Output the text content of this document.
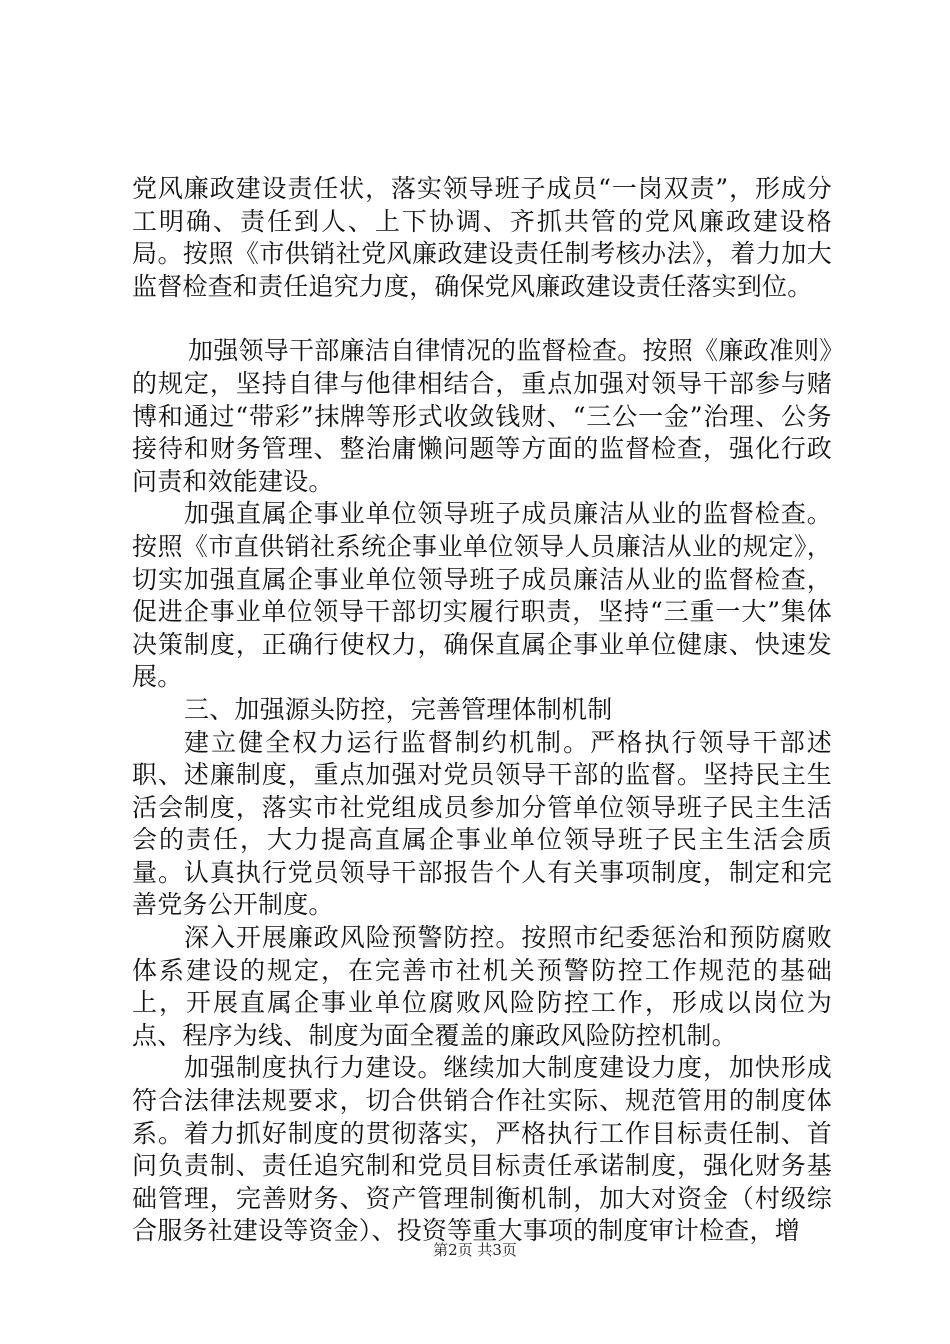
党风廉政建设责任状，落实领导班子成员“一岗双责”，形成分工明确、责任到人、上下协调、齐抓共管的党风廉政建设格局。按照《市供销社党风廉政建设责任制考核办法》，着力加大监督检查和责任追究力度，确保党风廉政建设责任落实到位。

加强领导干部廉洁自律情况的监督检查。按照《廉政准则》的规定，坚持自律与他律相结合，重点加强对领导干部参与赌博和通过“带彩”抹牌等形式收敛钱财、“三公一金”治理、公务接待和财务管理、整治庸懒问题等方面的监督检查，强化行政问责和效能建设。

加强直属企事业单位领导班子成员廉洁从业的监督检查。按照《市直供销社系统企事业单位领导人员廉洁从业的规定》，切实加强直属企事业单位领导班子成员廉洁从业的监督检查，促进企事业单位领导干部切实履行职责，坚持“三重一大”集体决策制度，正确行使权力，确保直属企事业单位健康、快速发展。

三、加强源头防控，完善管理体制机制

建立健全权力运行监督制约机制。严格执行领导干部述职、述廉制度，重点加强对党员领导干部的监督。坚持民主生活会制度，落实市社党组成员参加分管单位领导班子民主生活会的责任，大力提高直属企事业单位领导班子民主生活会质量。认真执行党员领导干部报告个人有关事项制度，制定和完善党务公开制度。

深入开展廉政风险预警防控。按照市纪委惩治和预防腐败体系建设的规定，在完善市社机关预警防控工作规范的基础上，开展直属企事业单位腐败风险防控工作，形成以岗位为点、程序为线、制度为面全覆盖的廉政风险防控机制。

加强制度执行力建设。继续加大制度建设力度，加快形成符合法律法规要求，切合供销合作社实际、规范管用的制度体系。着力抓好制度的贯彻落实，严格执行工作目标责任制、首问负责制、责任追究制和党员目标责任承诺制度，强化财务基础管理，完善财务、资产管理制衡机制，加大对资金（村级综合服务社建设等资金）、投资等重大事项的制度审计检查，增

第2页 共3页
